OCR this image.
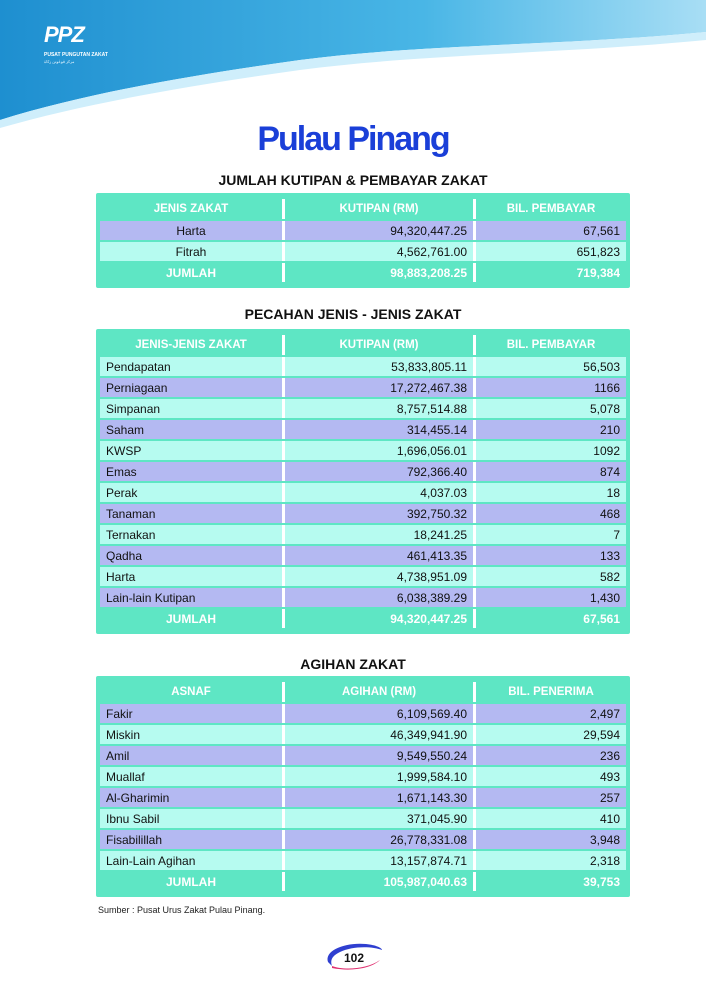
PPZ
PUSAT PUNGUTAN ZAKAT
مركز ڤوڠوتن زكاة
Pulau Pinang
JUMLAH KUTIPAN & PEMBAYAR ZAKAT
JENIS ZAKAT	KUTIPAN (RM)	BIL. PEMBAYAR
Harta	94,320,447.25	67,561
Fitrah	4,562,761.00	651,823
JUMLAH	98,883,208.25	719,384
PECAHAN JENIS - JENIS ZAKAT
JENIS-JENIS ZAKAT	KUTIPAN (RM)	BIL. PEMBAYAR
Pendapatan	53,833,805.11	56,503
Perniagaan	17,272,467.38	1166
Simpanan	8,757,514.88	5,078
Saham	314,455.14	210
KWSP	1,696,056.01	1092
Emas	792,366.40	874
Perak	4,037.03	18
Tanaman	392,750.32	468
Ternakan	18,241.25	7
Qadha	461,413.35	133
Harta	4,738,951.09	582
Lain-lain Kutipan	6,038,389.29	1,430
JUMLAH	94,320,447.25	67,561
AGIHAN ZAKAT
ASNAF	AGIHAN (RM)	BIL. PENERIMA
Fakir	6,109,569.40	2,497
Miskin	46,349,941.90	29,594
Amil	9,549,550.24	236
Muallaf	1,999,584.10	493
Al-Gharimin	1,671,143.30	257
Ibnu Sabil	371,045.90	410
Fisabilillah	26,778,331.08	3,948
Lain-Lain Agihan	13,157,874.71	2,318
JUMLAH	105,987,040.63	39,753
Sumber : Pusat Urus Zakat Pulau Pinang.
102
